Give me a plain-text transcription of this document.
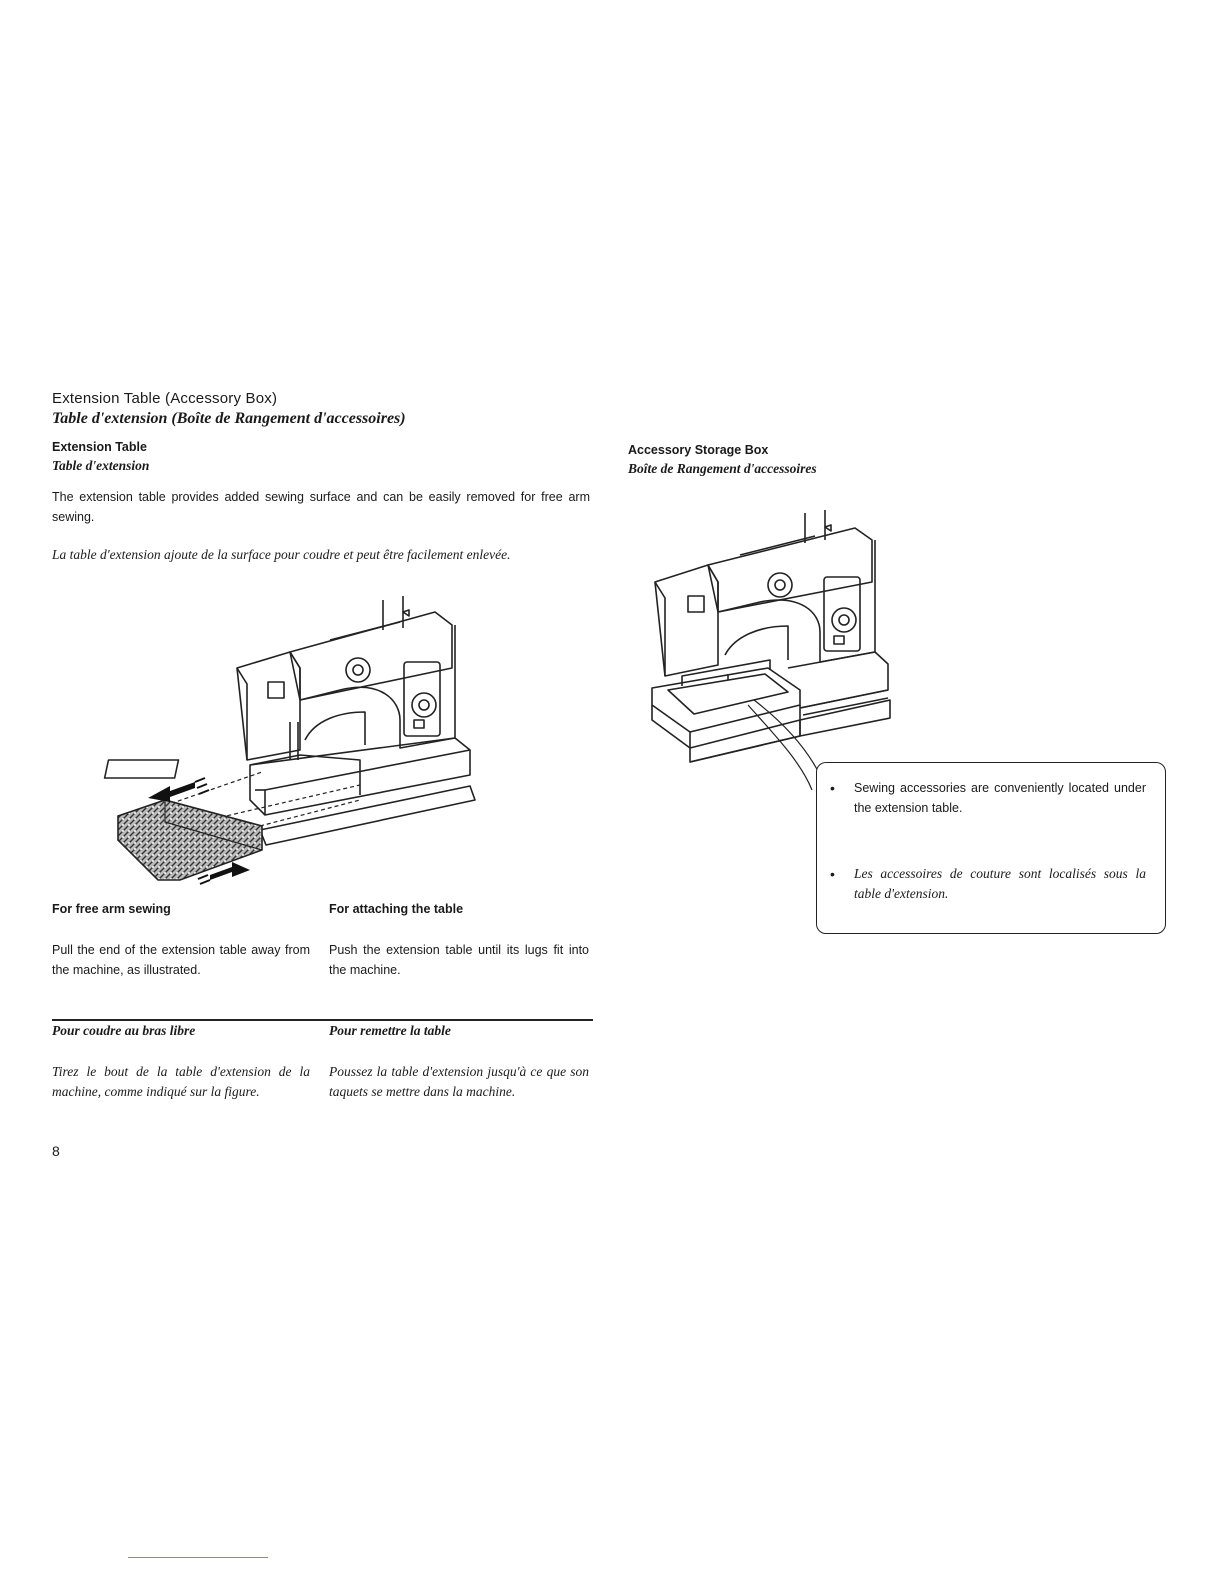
Extension Table (Accessory Box)
Table d'extension (Boîte de Rangement d'accessoires)
Extension Table
Table d'extension
The extension table provides added sewing surface and can be easily removed for free arm sewing.
La table d'extension ajoute de la surface pour coudre et peut être facilement enlevée.
For free arm sewing	For attaching the table
Pull the end of the extension table away from the machine, as illustrated.
Push the extension table until its lugs fit into the machine.
Pour coudre au bras libre	Pour remettre la table
Tirez le bout de la table d'extension de la machine, comme indiqué sur la figure.
Poussez la table d'extension jusqu'à ce que son taquets se mettre dans la machine.
8
Accessory Storage Box
Boîte de Rangement d'accessoires
•	Sewing accessories are conveniently located under the extension table.
•	Les accessoires de couture sont localisés sous la table d'extension.
